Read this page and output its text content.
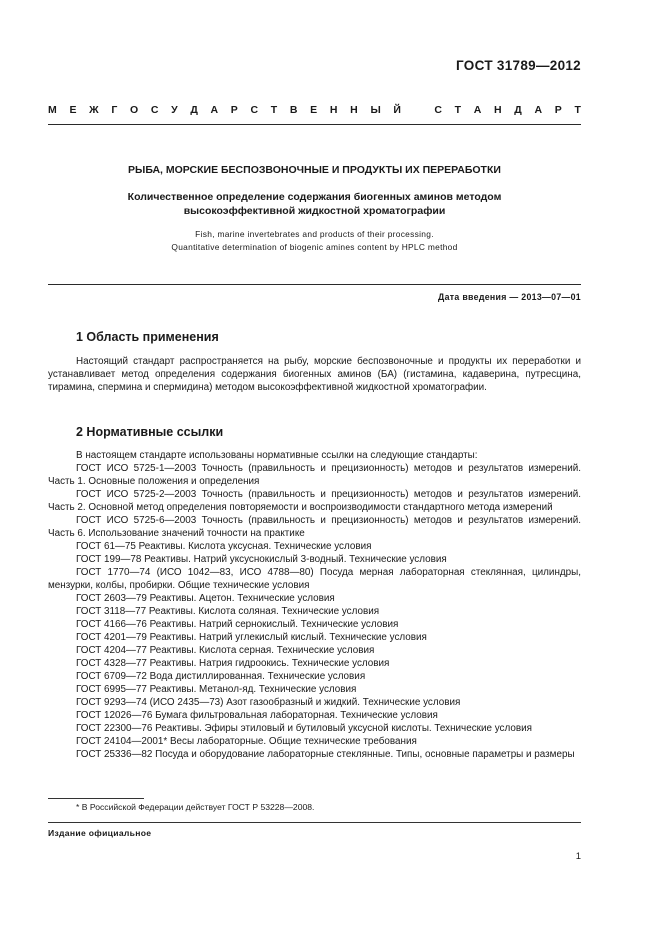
ГОСТ 31789—2012
М Е Ж Г О С У Д А Р С Т В Е Н Н Ы Й	С Т А Н Д А Р Т
РЫБА, МОРСКИЕ БЕСПОЗВОНОЧНЫЕ И ПРОДУКТЫ ИХ ПЕРЕРАБОТКИ
Количественное определение содержания биогенных аминов методом
высокоэффективной жидкостной хроматографии
Fish, marine invertebrates and products of their processing.
Quantitative determination of biogenic amines content by HPLC method
Дата введения — 2013—07—01
1 Область применения

Настоящий стандарт распространяется на рыбу, морские беспозвоночные и продукты их переработки и устанавливает метод определения содержания биогенных аминов (БА) (гистамина, кадаверина, путресцина, тирамина, спермина и спермидина) методом высокоэффективной жидкостной хроматографии.

2 Нормативные ссылки

В настоящем стандарте использованы нормативные ссылки на следующие стандарты:

ГОСТ ИСО 5725-1—2003 Точность (правильность и прецизионность) методов и результатов измерений. Часть 1. Основные положения и определения

ГОСТ ИСО 5725-2—2003 Точность (правильность и прецизионность) методов и результатов измерений. Часть 2. Основной метод определения повторяемости и воспроизводимости стандартного метода измерений

ГОСТ ИСО 5725-6—2003 Точность (правильность и прецизионность) методов и результатов измерений. Часть 6. Использование значений точности на практике

ГОСТ 61—75 Реактивы. Кислота уксусная. Технические условия

ГОСТ 199—78 Реактивы. Натрий уксуснокислый 3-водный. Технические условия

ГОСТ 1770—74 (ИСО 1042—83, ИСО 4788—80) Посуда мерная лабораторная стеклянная, цилиндры, мензурки, колбы, пробирки. Общие технические условия

ГОСТ 2603—79 Реактивы. Ацетон. Технические условия

ГОСТ 3118—77 Реактивы. Кислота соляная. Технические условия

ГОСТ 4166—76 Реактивы. Натрий сернокислый. Технические условия

ГОСТ 4201—79 Реактивы. Натрий углекислый кислый. Технические условия

ГОСТ 4204—77 Реактивы. Кислота серная. Технические условия

ГОСТ 4328—77 Реактивы. Натрия гидроокись. Технические условия

ГОСТ 6709—72 Вода дистиллированная. Технические условия

ГОСТ 6995—77 Реактивы. Метанол-яд. Технические условия

ГОСТ 9293—74 (ИСО 2435—73) Азот газообразный и жидкий. Технические условия

ГОСТ 12026—76 Бумага фильтровальная лабораторная. Технические условия

ГОСТ 22300—76 Реактивы. Эфиры этиловый и бутиловый уксусной кислоты. Технические условия

ГОСТ 24104—2001* Весы лабораторные. Общие технические требования

ГОСТ 25336—82 Посуда и оборудование лабораторные стеклянные. Типы, основные параметры и размеры

* В Российской Федерации действует ГОСТ Р 53228—2008.
Издание официальное
1
